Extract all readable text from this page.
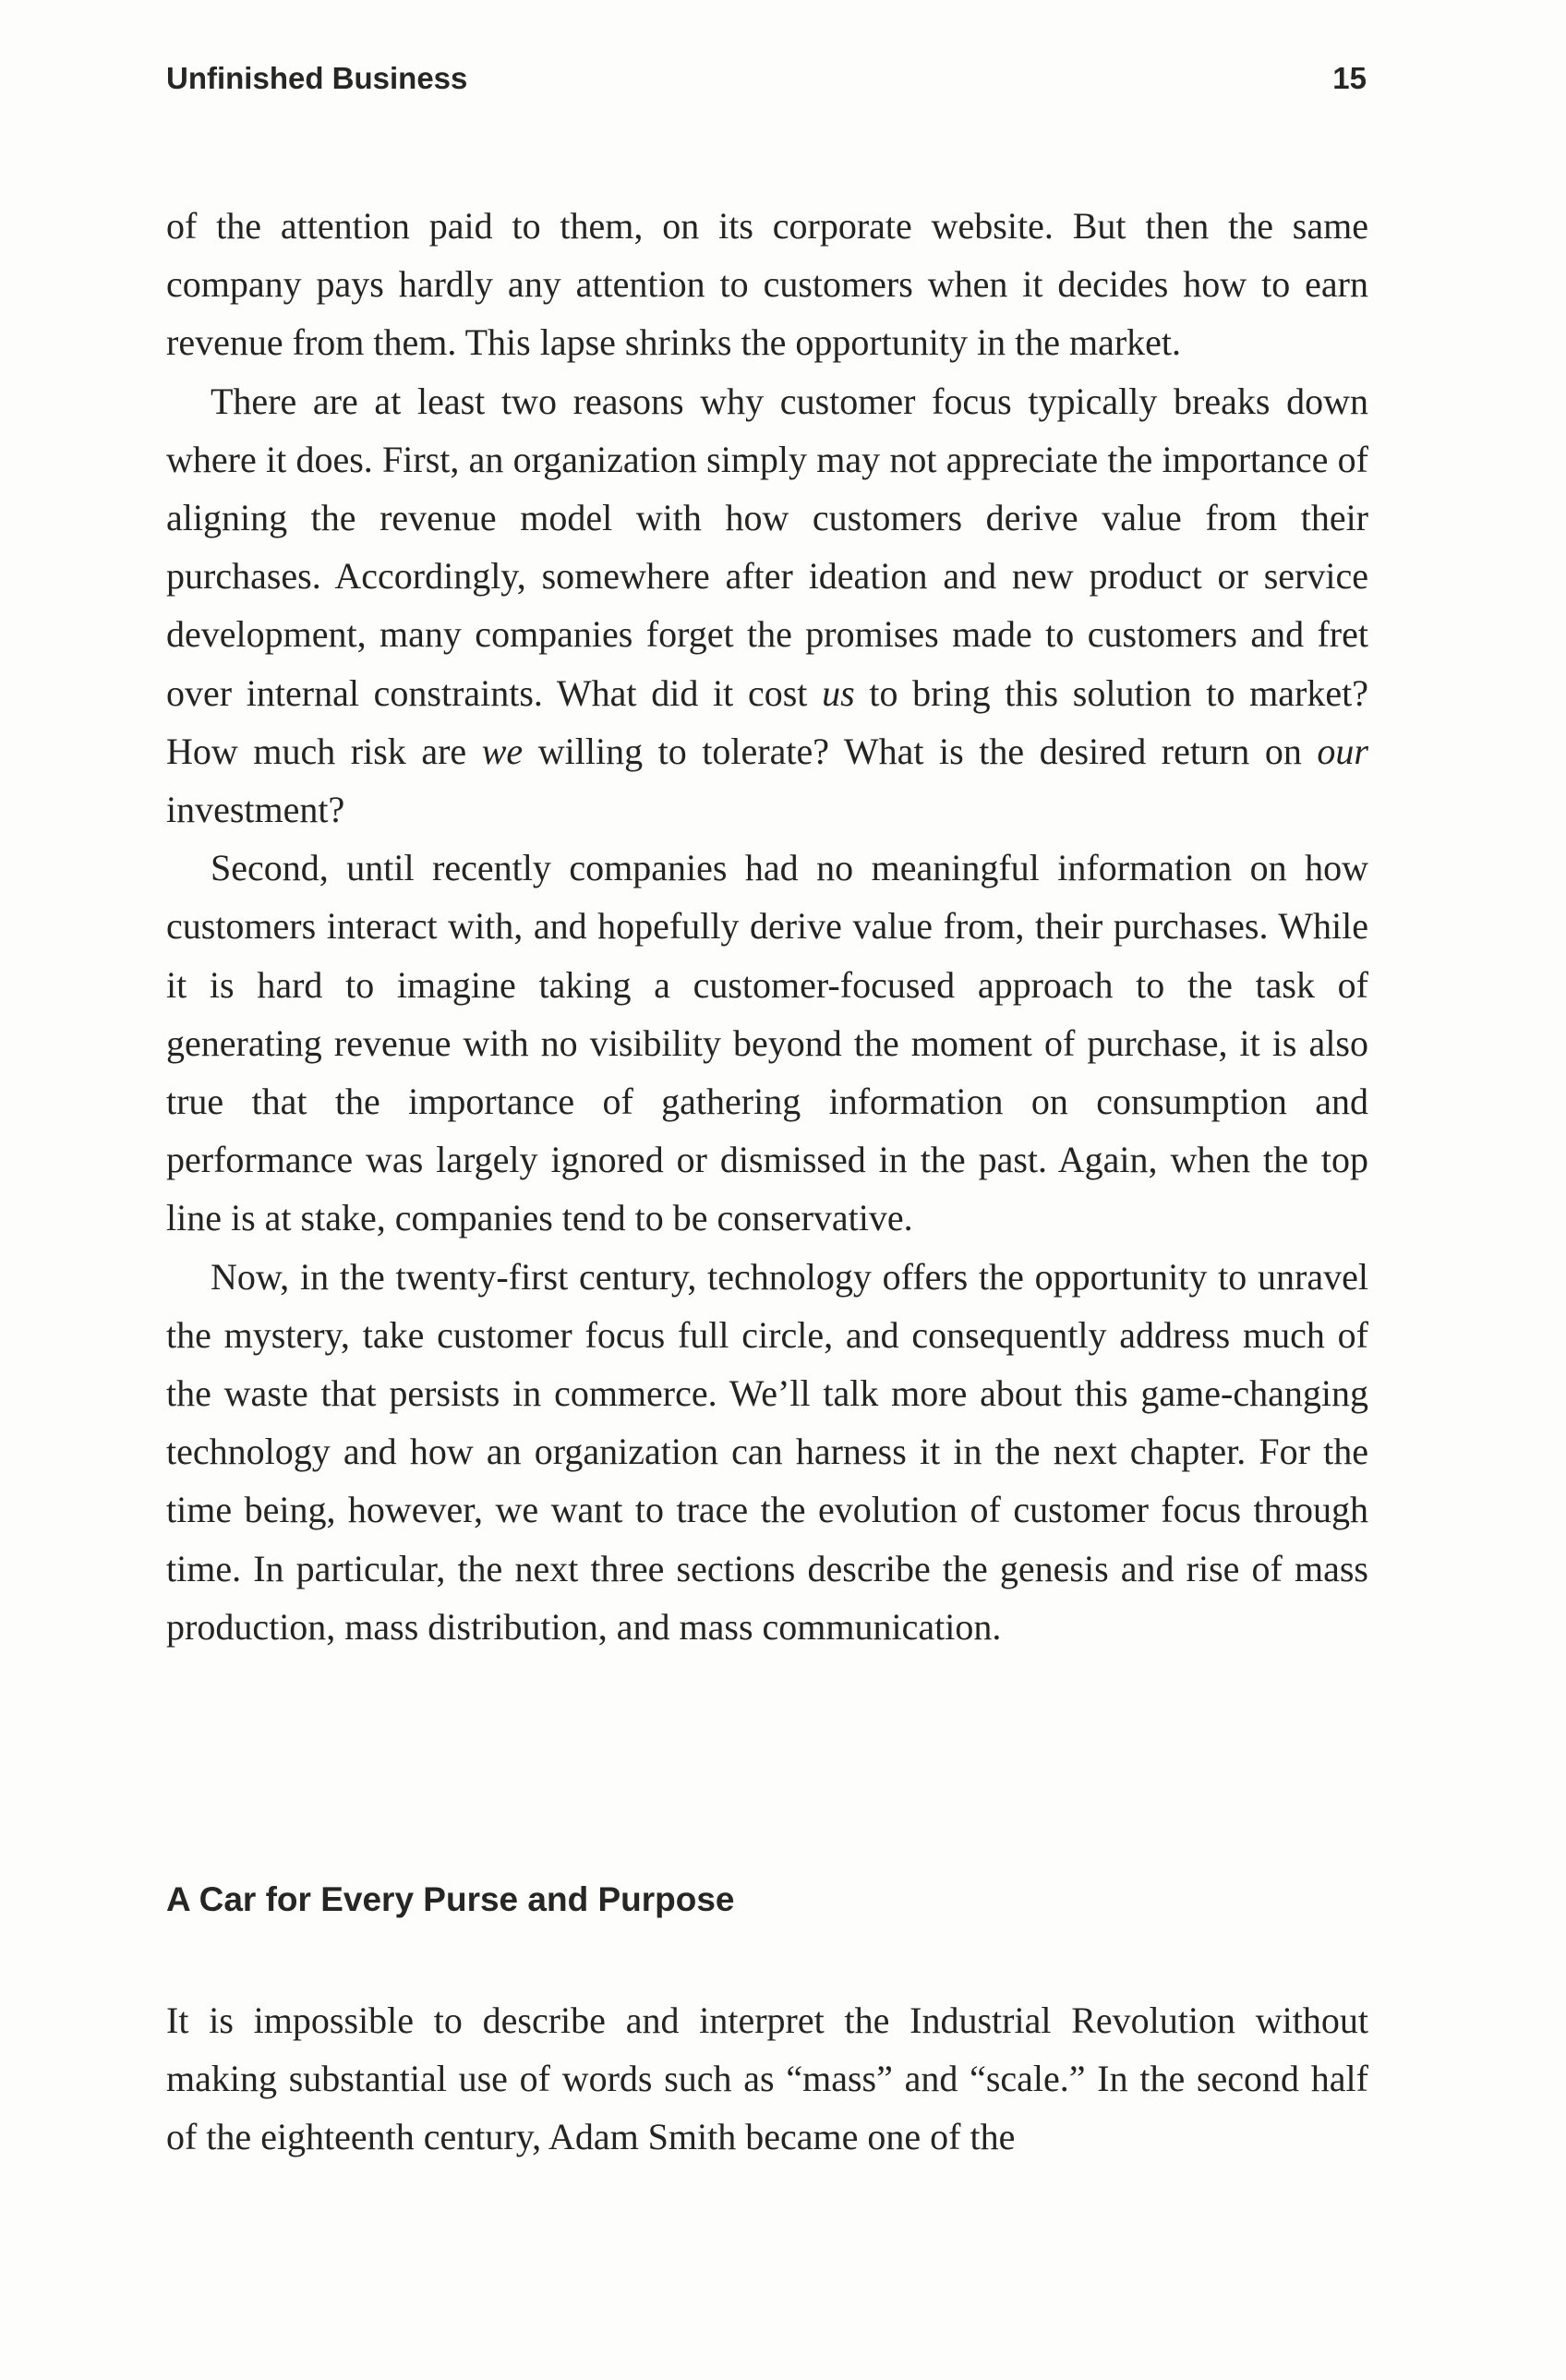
Unfinished Business	15

of the attention paid to them, on its corporate website. But then the same company pays hardly any attention to customers when it decides how to earn revenue from them. This lapse shrinks the opportunity in the market.

There are at least two reasons why customer focus typically breaks down where it does. First, an organization simply may not appreciate the importance of aligning the revenue model with how customers derive value from their purchases. Accordingly, somewhere after ideation and new product or service development, many companies forget the promises made to customers and fret over internal constraints. What did it cost us to bring this solution to market? How much risk are we willing to tolerate? What is the desired return on our investment?

Second, until recently companies had no meaningful information on how customers interact with, and hopefully derive value from, their purchases. While it is hard to imagine taking a customer-focused approach to the task of generating revenue with no visibility beyond the moment of purchase, it is also true that the importance of gathering information on consumption and performance was largely ignored or dismissed in the past. Again, when the top line is at stake, companies tend to be conservative.

Now, in the twenty-first century, technology offers the opportunity to unravel the mystery, take customer focus full circle, and consequently address much of the waste that persists in commerce. We’ll talk more about this game-changing technology and how an organization can harness it in the next chapter. For the time being, however, we want to trace the evolution of customer focus through time. In particular, the next three sections describe the genesis and rise of mass production, mass distribution, and mass communication.

A Car for Every Purse and Purpose

It is impossible to describe and interpret the Industrial Revolution without making substantial use of words such as “mass” and “scale.” In the second half of the eighteenth century, Adam Smith became one of the
